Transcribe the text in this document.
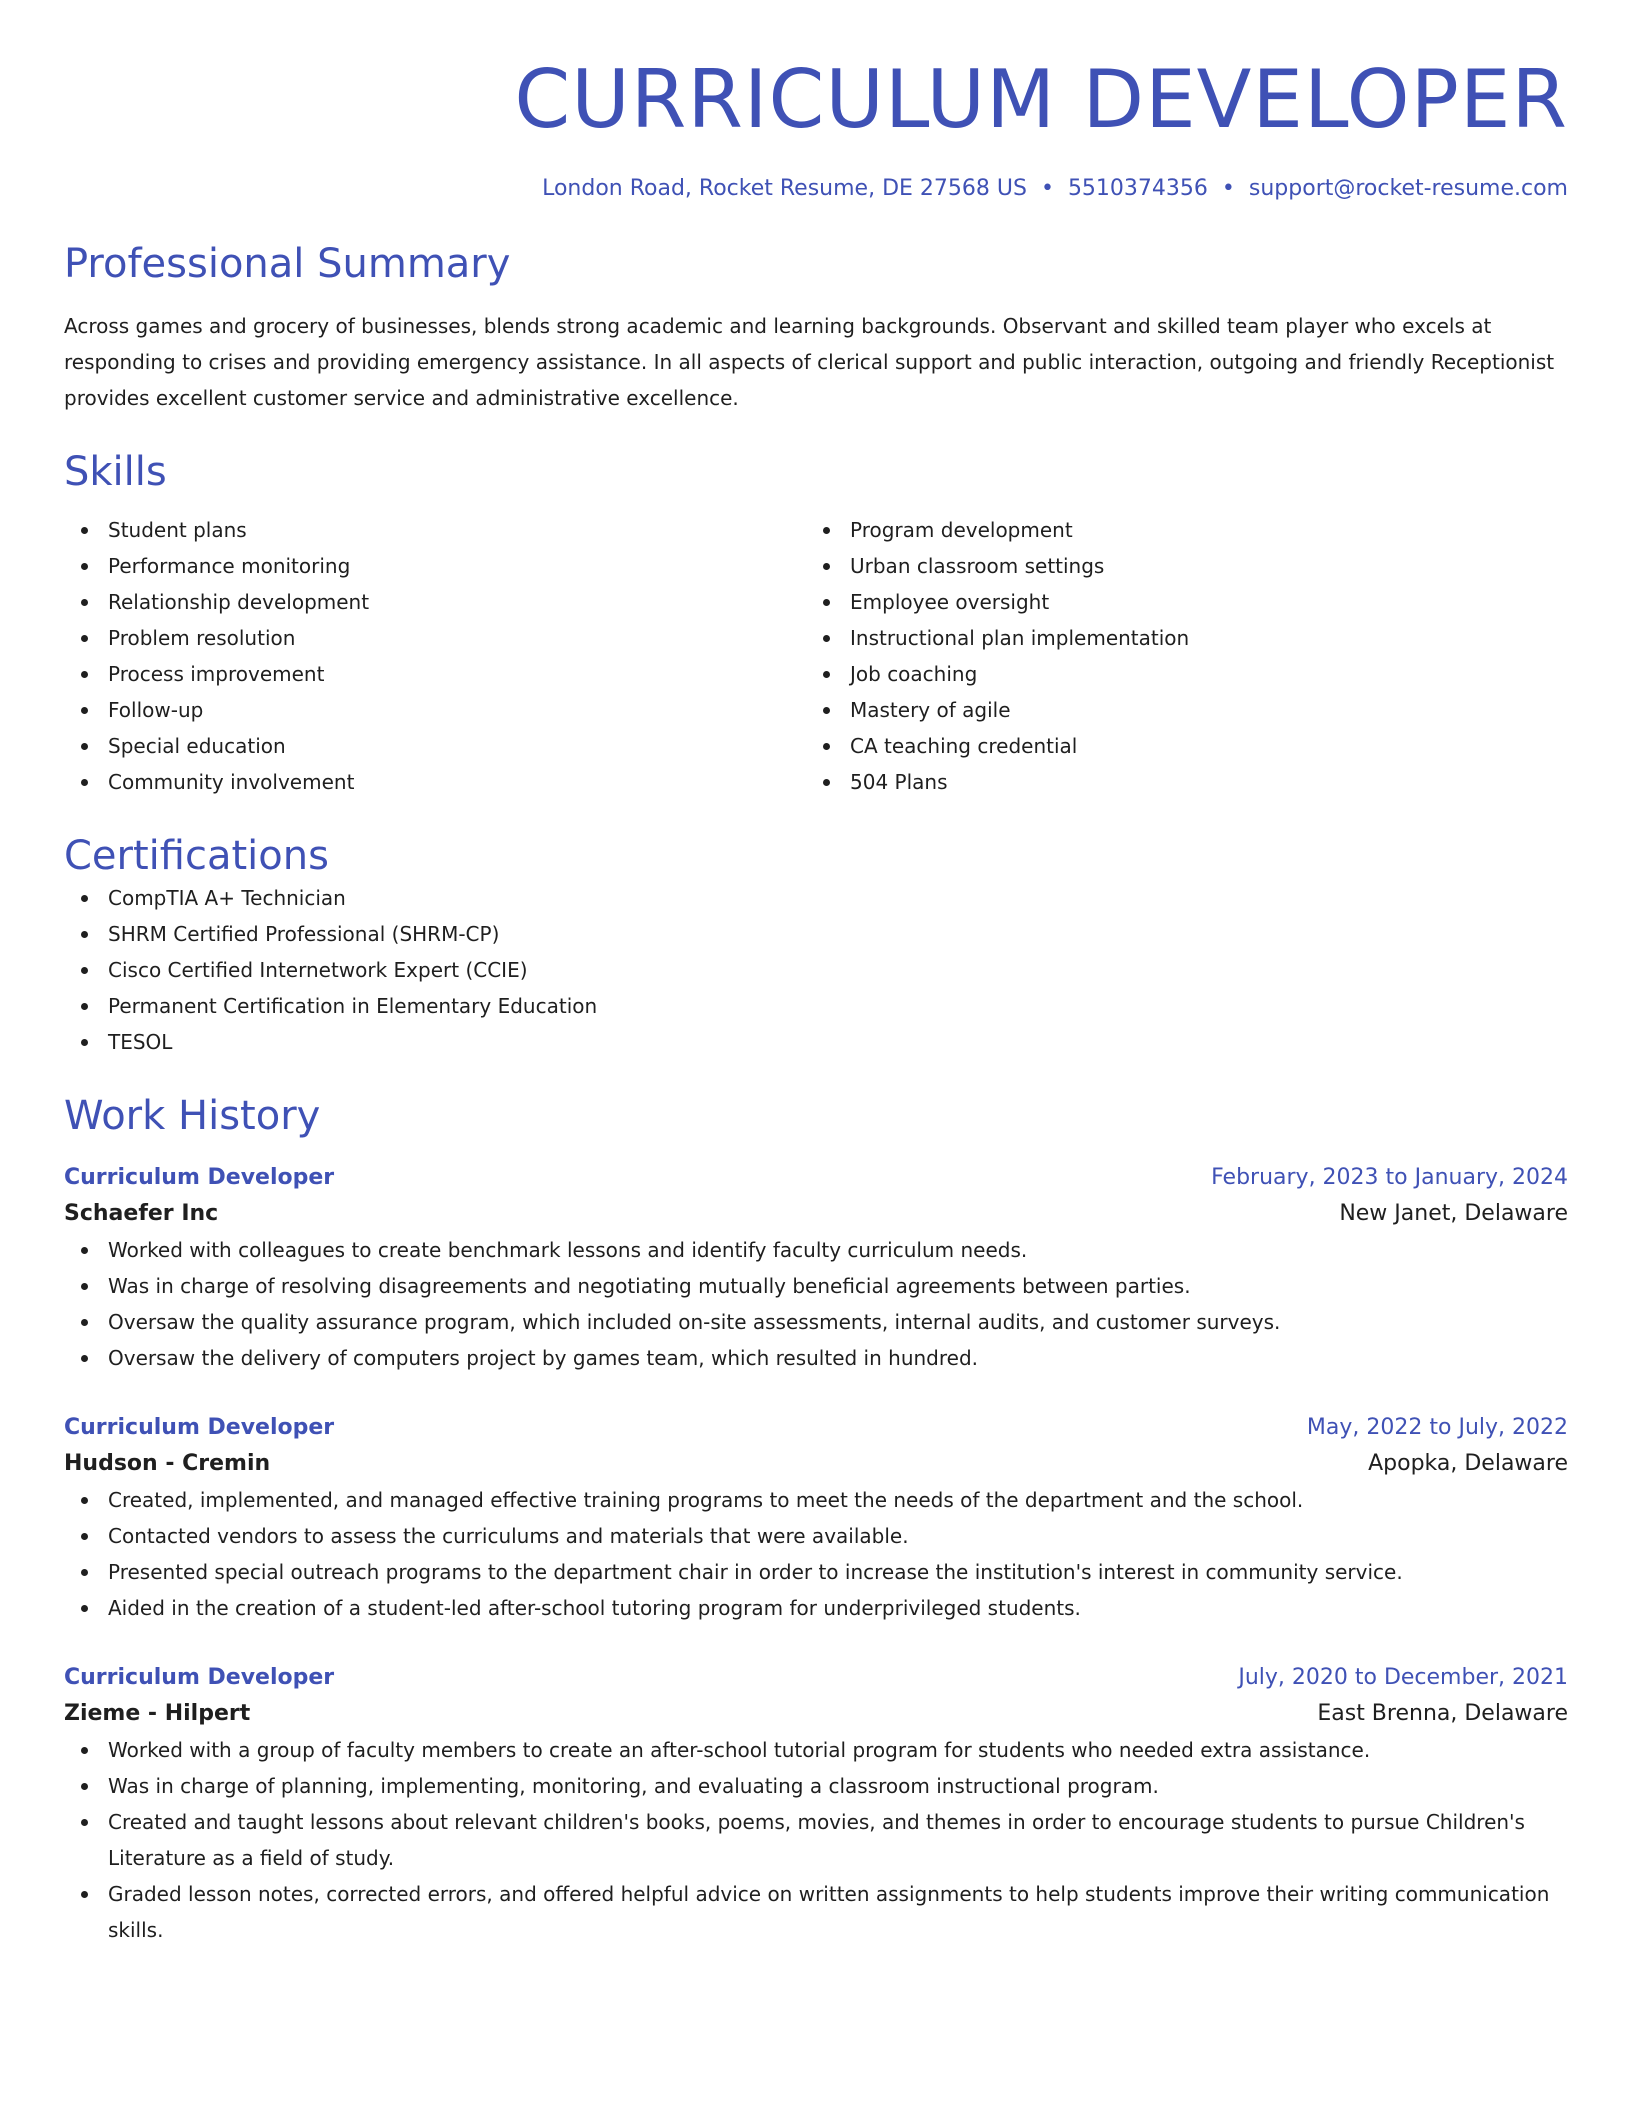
CURRICULUM DEVELOPER
London Road, Rocket Resume, DE 27568 US • 5510374356 • support@rocket-resume.com
Professional Summary

Across games and grocery of businesses, blends strong academic and learning backgrounds. Observant and skilled team player who excels at responding to crises and providing emergency assistance. In all aspects of clerical support and public interaction, outgoing and friendly Receptionist provides excellent customer service and administrative excellence.

Skills
Student plans
Performance monitoring
Relationship development
Problem resolution
Process improvement
Follow-up
Special education
Community involvement
Program development
Urban classroom settings
Employee oversight
Instructional plan implementation
Job coaching
Mastery of agile
CA teaching credential
504 Plans
Certifications
CompTIA A+ Technician
SHRM Certified Professional (SHRM-CP)
Cisco Certified Internetwork Expert (CCIE)
Permanent Certification in Elementary Education
TESOL
Work History
Curriculum Developer	February, 2023 to January, 2024
Schaefer Inc	New Janet, Delaware
Worked with colleagues to create benchmark lessons and identify faculty curriculum needs.
Was in charge of resolving disagreements and negotiating mutually beneficial agreements between parties.
Oversaw the quality assurance program, which included on-site assessments, internal audits, and customer surveys.
Oversaw the delivery of computers project by games team, which resulted in hundred.
Curriculum Developer	May, 2022 to July, 2022
Hudson - Cremin	Apopka, Delaware
Created, implemented, and managed effective training programs to meet the needs of the department and the school.
Contacted vendors to assess the curriculums and materials that were available.
Presented special outreach programs to the department chair in order to increase the institution's interest in community service.
Aided in the creation of a student-led after-school tutoring program for underprivileged students.
Curriculum Developer	July, 2020 to December, 2021
Zieme - Hilpert	East Brenna, Delaware
Worked with a group of faculty members to create an after-school tutorial program for students who needed extra assistance.
Was in charge of planning, implementing, monitoring, and evaluating a classroom instructional program.
Created and taught lessons about relevant children's books, poems, movies, and themes in order to encourage students to pursue Children's Literature as a field of study.
Graded lesson notes, corrected errors, and offered helpful advice on written assignments to help students improve their writing communication skills.
